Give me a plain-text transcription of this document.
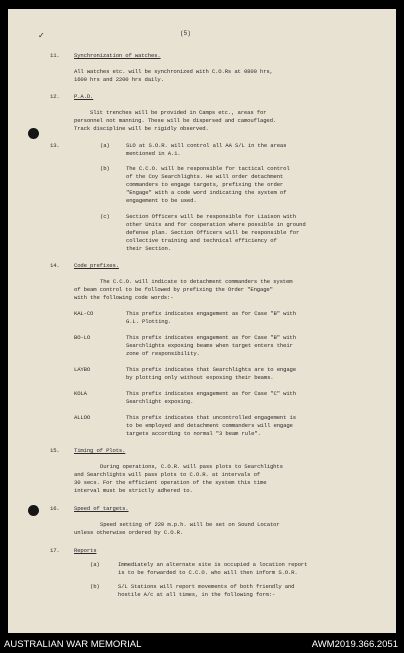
✓	(5)
11.	Synchronization of watches.
All watches etc. will be synchronized with C.O.Rs at 0800 hrs,
1600 hrs and 2200 hrs daily.
12.	P.A.D.
Slit trenches will be provided in Camps etc., areas for
personnel not manning. These will be dispersed and camouflaged.
Track discipline will be rigidly observed.
13.	(a)	SLO at S.O.R. will control all AA S/L in the areas
mentioned in A.1.
(b)	The C.C.O. will be responsible for tactical control
of the Coy Searchlights. He will order detachment
commanders to engage targets, prefixing the order
"Engage" with a code word indicating the system of
engagement to be used.
(c)	Section Officers will be responsible for Liaison with
other Units and for cooperation where possible in ground
defense plan. Section Officers will be responsible for
collective training and technical efficiency of
their Section.
14.	Code prefixes.
The C.C.O. will indicate to detachment commanders the system
of beam control to be followed by prefixing the Order "Engage"
with the following code words:-
KAL-CO	This prefix indicates engagement as for Case "B" with
G.L. Plotting.
BO-LO	This prefix indicates engagement as for Case "B" with
Searchlights exposing beams when target enters their
zone of responsibility.
LAYBO	This prefix indicates that Searchlights are to engage
by plotting only without exposing their beams.
KOLA	This prefix indicates engagement as for Case "C" with
Searchlight exposing.
ALLOO	This prefix indicates that uncontrolled engagement is
to be employed and detachment commanders will engage
targets according to normal "3 beam rule".
15.	Timing of Plots.
During operations, C.O.R. will pass plots to Searchlights
and Searchlights will pass plots to C.O.R. at intervals of
30 secs. For the efficient operation of the system this time
interval must be strictly adhered to.
16.	Speed of targets.
Speed setting of 220 m.p.h. will be set on Sound Locator
unless otherwise ordered by C.O.R.
17.	Reports
(a)	Immediately an alternate site is occupied a location report
is to be forwarded to C.C.O. who will then inform S.O.R.
(b)	S/L Stations will report movements of both friendly and
hostile A/c at all times, in the following form:-
AUSTRALIAN WAR MEMORIAL	AWM2019.366.2051
